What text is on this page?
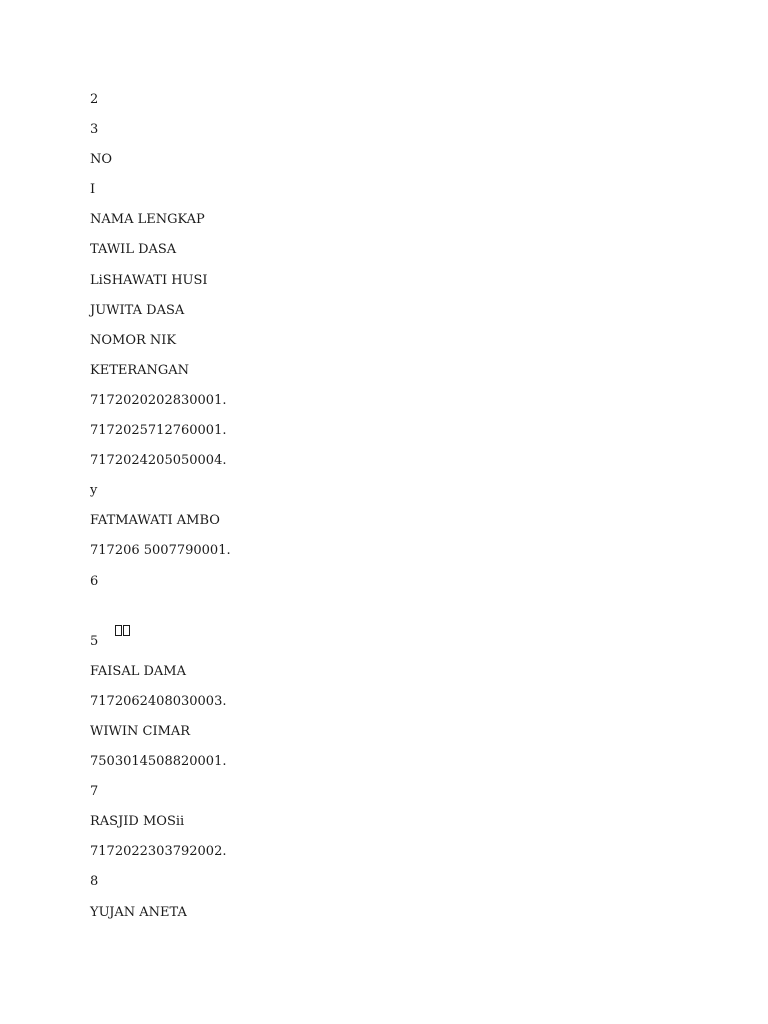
2
3
NO
I
NAMA LENGKAP
TAWIL DASA
LiSHAWATI HUSI
JUWITA DASA
NOMOR NIK
KETERANGAN
7172020202830001.
7172025712760001.
7172024205050004.
y
FATMAWATI AMBO
717206 5007790001.
6

5
FAISAL DAMA
7172062408030003.
WIWIN CIMAR
7503014508820001.
7
RASJID MOSii
7172022303792002.
8
YUJAN ANETA
